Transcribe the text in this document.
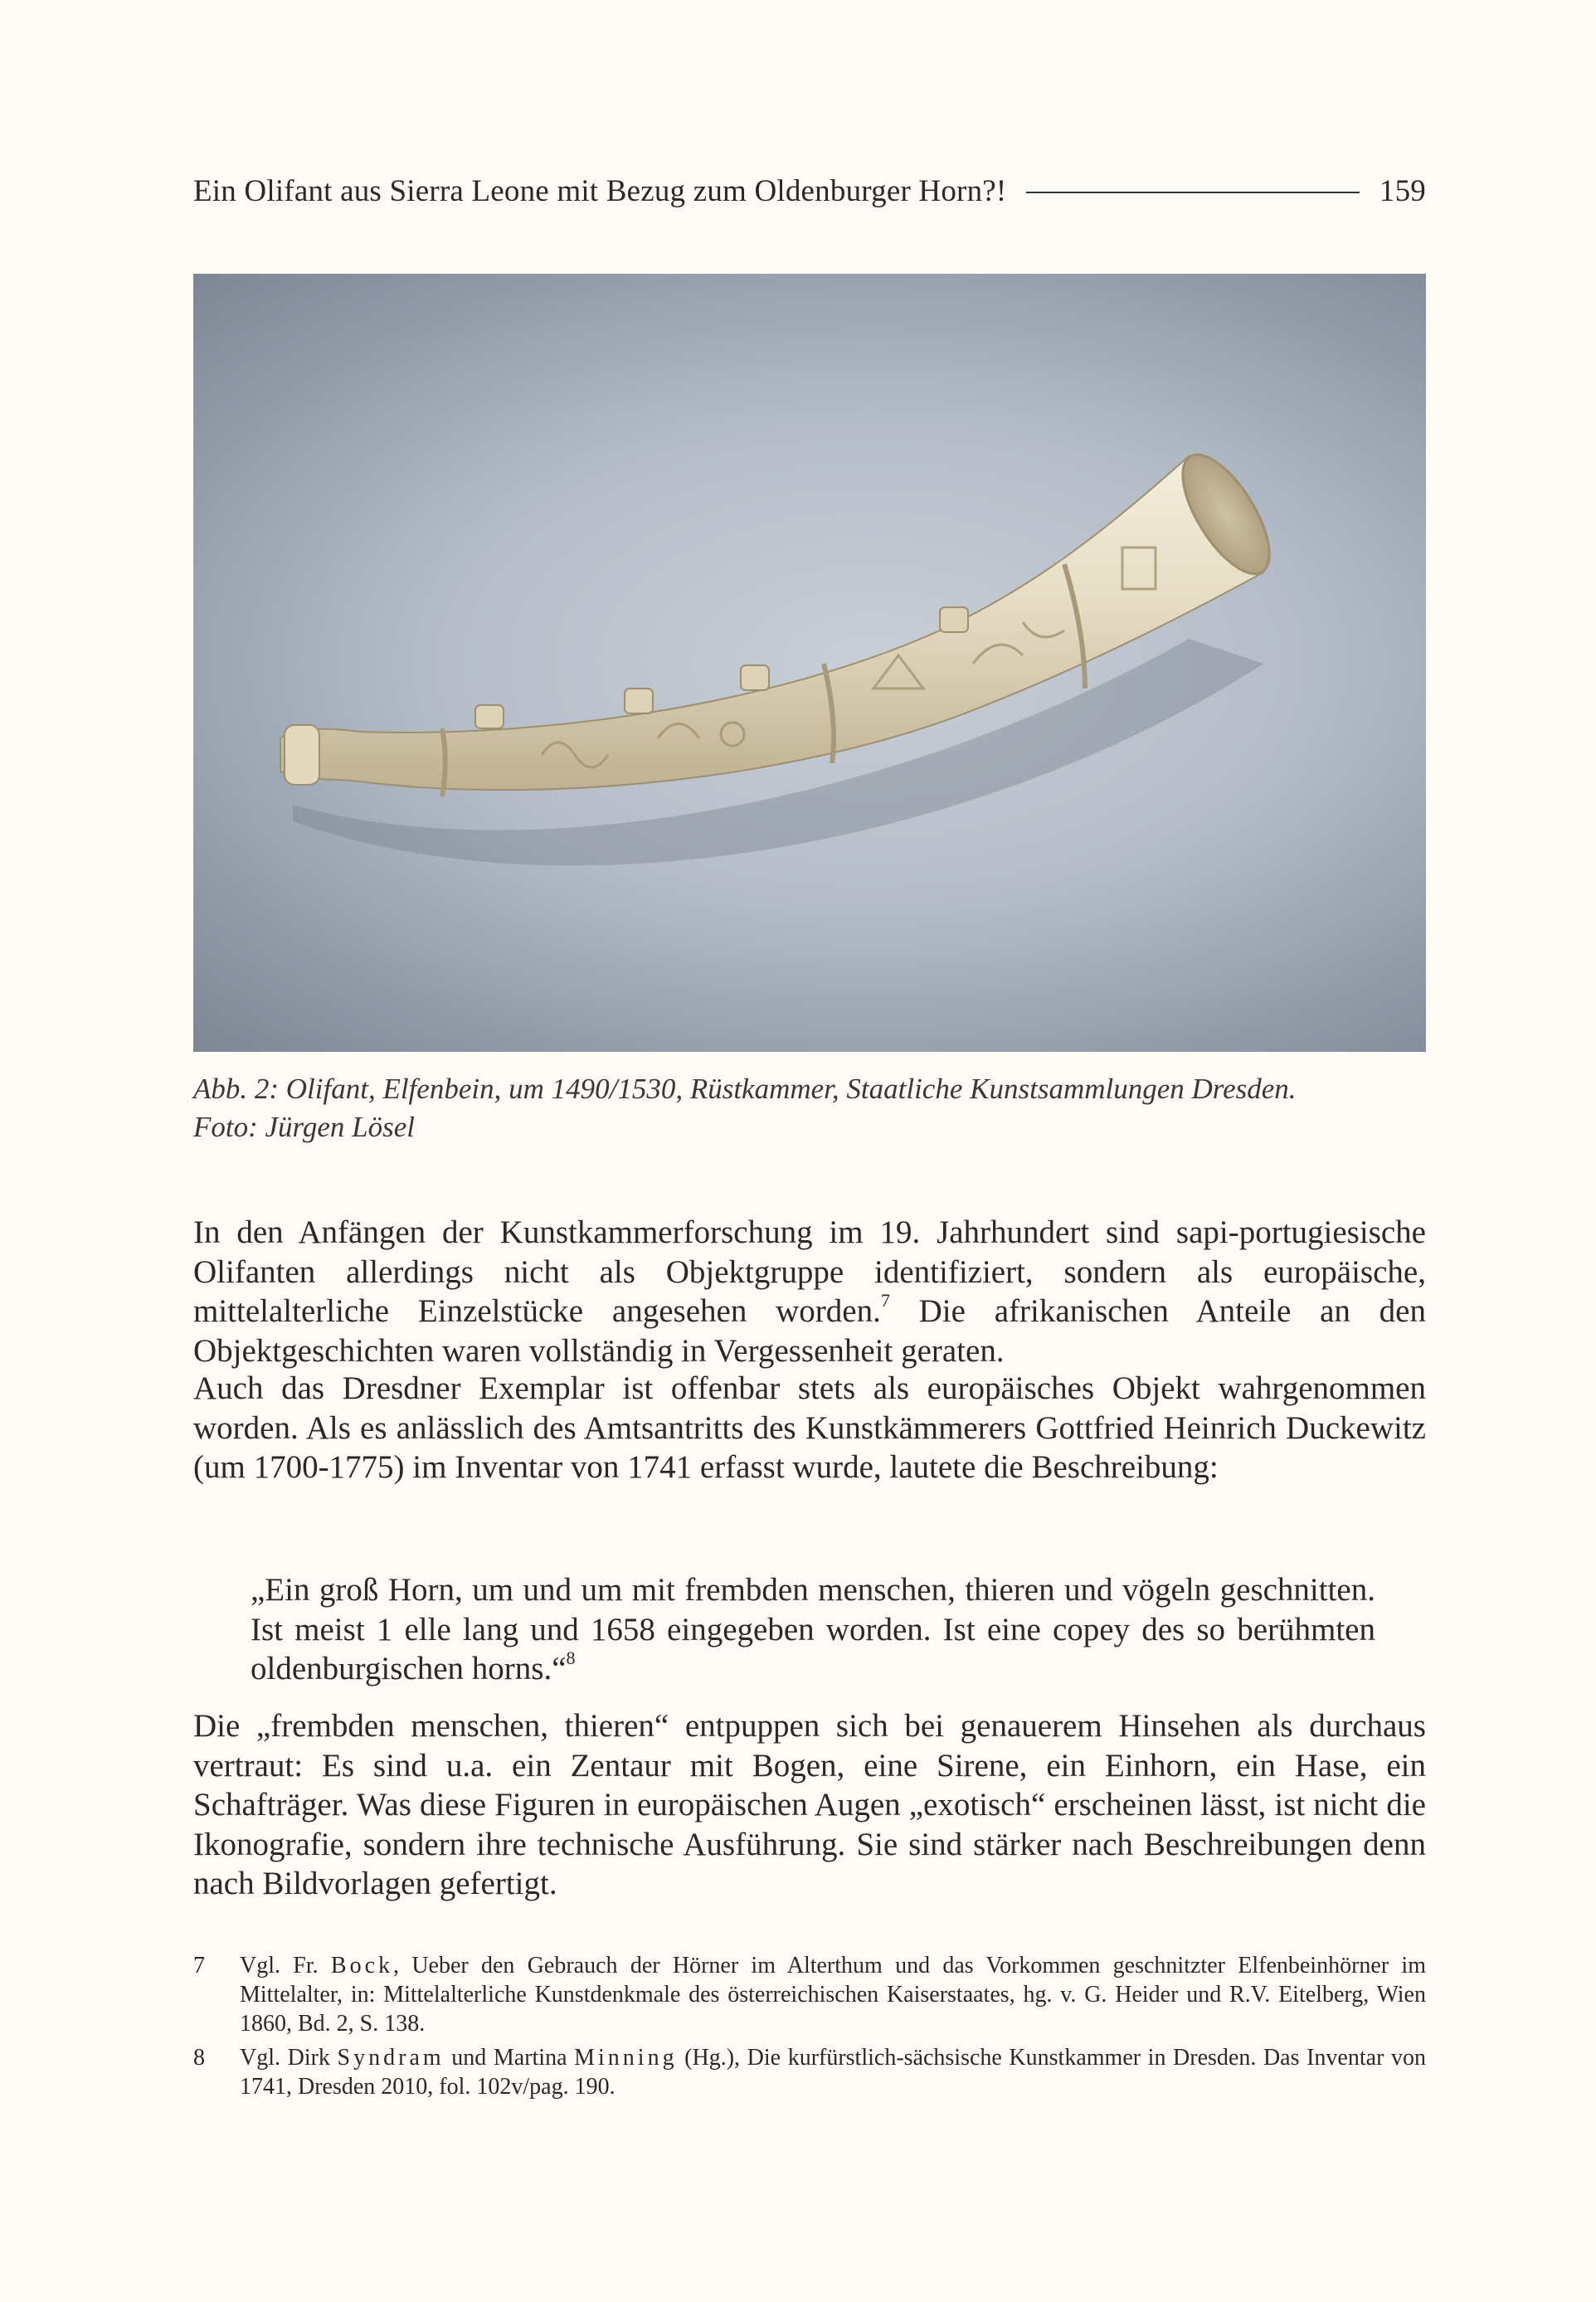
Ein Olifant aus Sierra Leone mit Bezug zum Oldenburger Horn?!	159
Abb. 2: Olifant, Elfenbein, um 1490/1530, Rüstkammer, Staatliche Kunstsammlungen Dresden.
Foto: Jürgen Lösel

In den Anfängen der Kunstkammerforschung im 19. Jahrhundert sind sapi-portugiesische Olifanten allerdings nicht als Objektgruppe identifiziert, sondern als europäische, mittelalterliche Einzelstücke angesehen worden.$^7$ Die afrikanischen Anteile an den Objektgeschichten waren vollständig in Vergessenheit geraten.

Auch das Dresdner Exemplar ist offenbar stets als europäisches Objekt wahrgenommen worden. Als es anlässlich des Amtsantritts des Kunstkämmerers Gottfried Heinrich Duckewitz (um 1700-1775) im Inventar von 1741 erfasst wurde, lautete die Beschreibung:

„Ein groß Horn, um und um mit frembden menschen, thieren und vögeln geschnitten. Ist meist 1 elle lang und 1658 eingegeben worden. Ist eine copey des so berühmten oldenburgischen horns.“$^8$

Die „frembden menschen, thieren“ entpuppen sich bei genauerem Hinsehen als durchaus vertraut: Es sind u.a. ein Zentaur mit Bogen, eine Sirene, ein Einhorn, ein Hase, ein Schafträger. Was diese Figuren in europäischen Augen „exotisch“ erscheinen lässt, ist nicht die Ikonografie, sondern ihre technische Ausführung. Sie sind stärker nach Beschreibungen denn nach Bildvorlagen gefertigt.

7	Vgl. Fr. Bock, Ueber den Gebrauch der Hörner im Alterthum und das Vorkommen geschnitzter Elfenbeinhörner im Mittelalter, in: Mittelalterliche Kunstdenkmale des österreichischen Kaiserstaates, hg. v. G. Heider und R.V. Eitelberg, Wien 1860, Bd. 2, S. 138.
8	Vgl. Dirk Syndram und Martina Minning (Hg.), Die kurfürstlich-sächsische Kunstkammer in Dresden. Das Inventar von 1741, Dresden 2010, fol. 102v/pag. 190.
